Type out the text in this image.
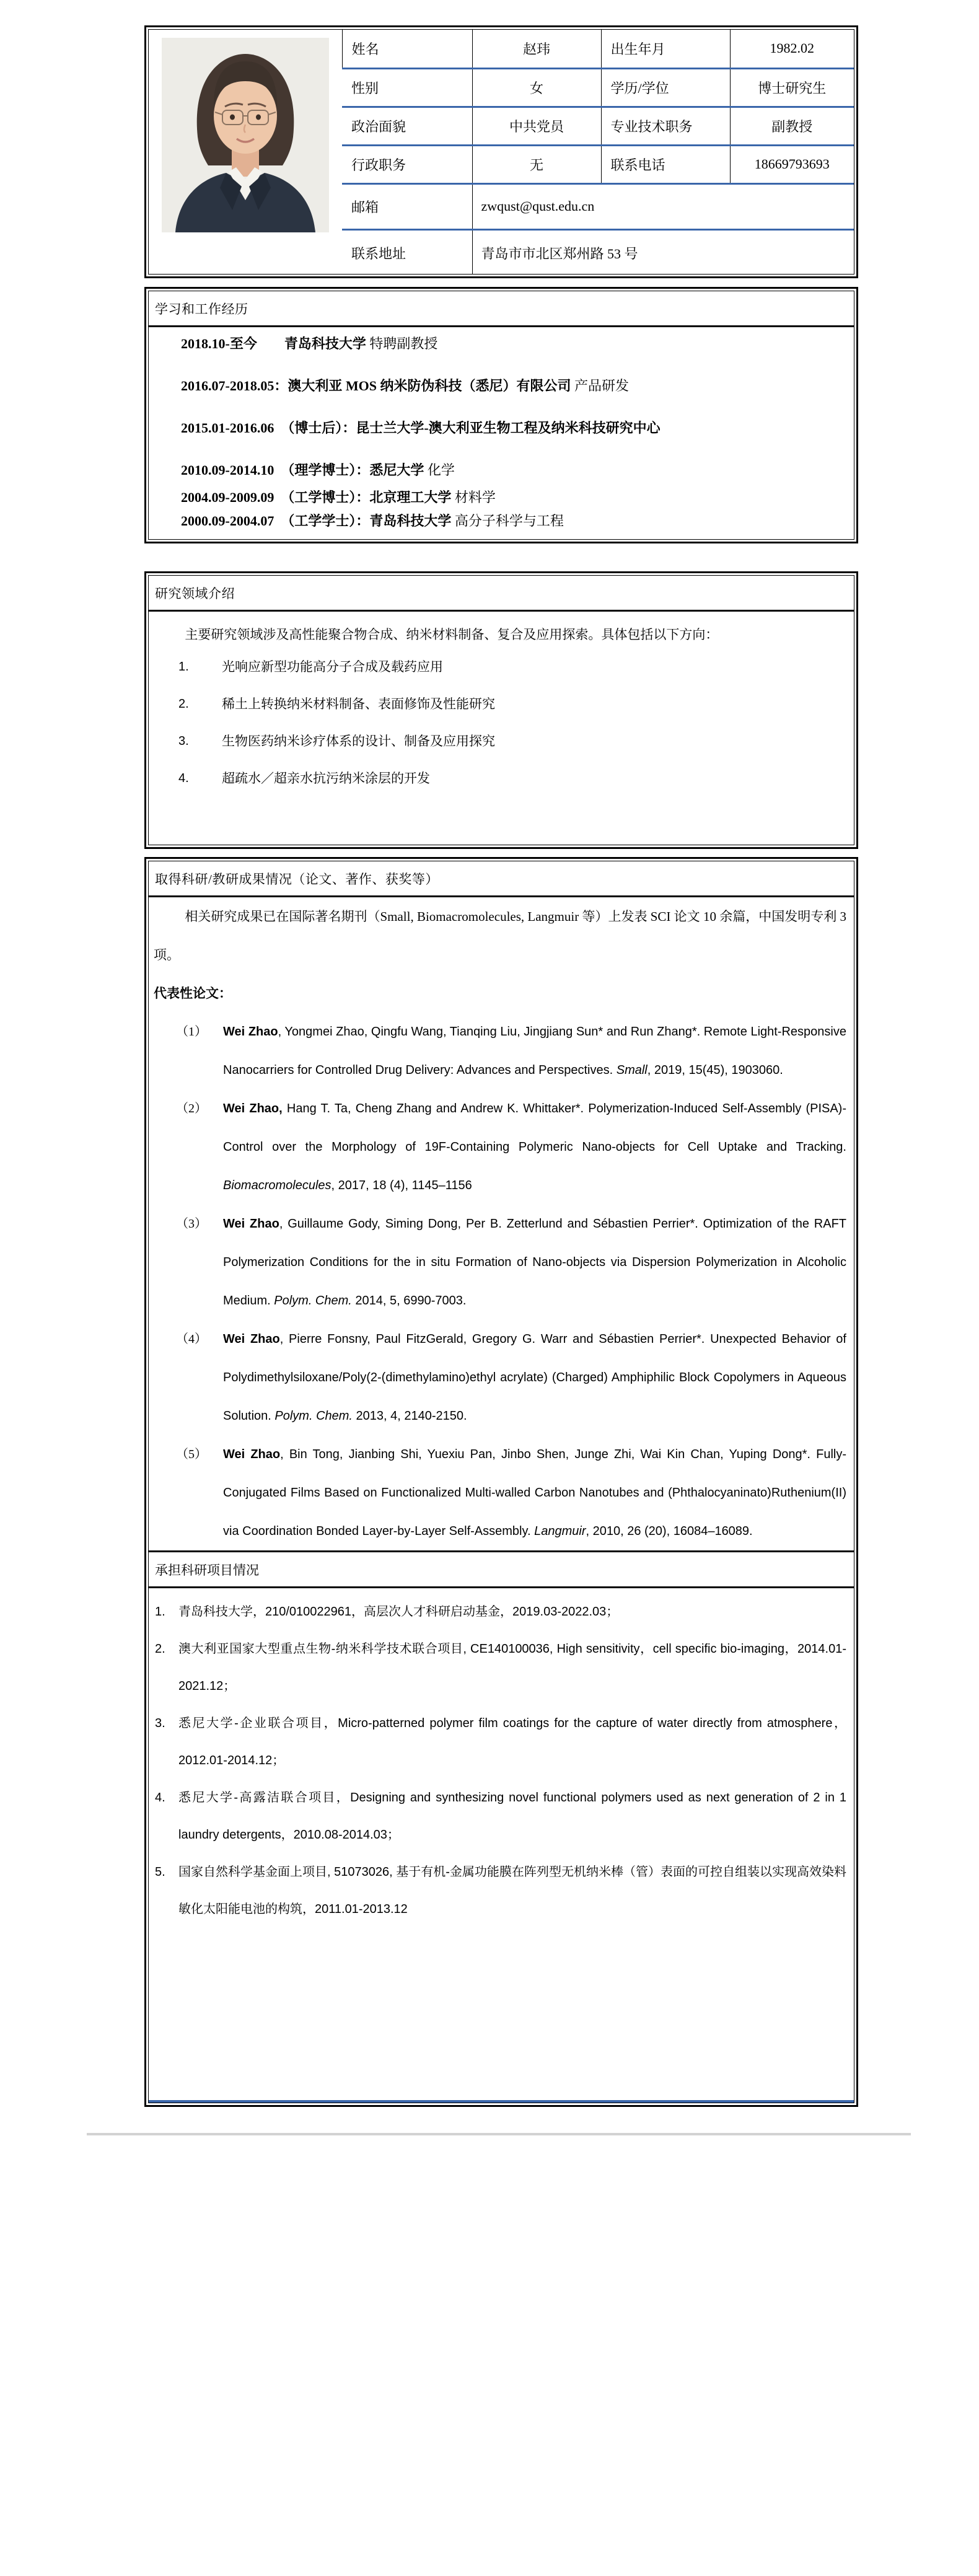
	姓名	赵玮	出生年月	1982.02
	性别	女	学历/学位	博士研究生
	政治面貌	中共党员	专业技术职务	副教授
	行政职务	无	联系电话	18669793693
	邮箱	zwqust@qust.edu.cn		
	联系地址	青岛市市北区郑州路 53 号		
学习和工作经历
2018.10-至今　　青岛科技大学 特聘副教授
2016.07-2018.05：澳大利亚 MOS 纳米防伪科技（悉尼）有限公司 产品研发
2015.01-2016.06　（博士后）：昆士兰大学-澳大利亚生物工程及纳米科技研究中心
2010.09-2014.10　（理学博士）：悉尼大学 化学
2004.09-2009.09　（工学博士）：北京理工大学 材料学
2000.09-2004.07　（工学学士）：青岛科技大学 高分子科学与工程
研究领域介绍

主要研究领域涉及高性能聚合物合成、纳米材料制备、复合及应用探索。具体包括以下方向：

1.	光响应新型功能高分子合成及载药应用
2.	稀土上转换纳米材料制备、表面修饰及性能研究
3.	生物医药纳米诊疗体系的设计、制备及应用探究
4.	超疏水／超亲水抗污纳米涂层的开发
取得科研/教研成果情况（论文、著作、获奖等）

相关研究成果已在国际著名期刊（Small, Biomacromolecules, Langmuir 等）上发表 SCI 论文 10 余篇，中国发明专利 3 项。

代表性论文：

（1）	Wei Zhao, Yongmei Zhao, Qingfu Wang, Tianqing Liu, Jingjiang Sun* and Run Zhang*. Remote Light-Responsive Nanocarriers for Controlled Drug Delivery: Advances and Perspectives. Small, 2019, 15(45), 1903060.
（2）	Wei Zhao, Hang T. Ta, Cheng Zhang and Andrew K. Whittaker*. Polymerization-Induced Self-Assembly (PISA)-Control over the Morphology of 19F-Containing Polymeric Nano-objects for Cell Uptake and Tracking. Biomacromolecules, 2017, 18 (4), 1145–1156
（3）	Wei Zhao, Guillaume Gody, Siming Dong, Per B. Zetterlund and Sébastien Perrier*. Optimization of the RAFT Polymerization Conditions for the in situ Formation of Nano-objects via Dispersion Polymerization in Alcoholic Medium. Polym. Chem. 2014, 5, 6990-7003.
（4）	Wei Zhao, Pierre Fonsny, Paul FitzGerald, Gregory G. Warr and Sébastien Perrier*. Unexpected Behavior of Polydimethylsiloxane/Poly(2-(dimethylamino)ethyl acrylate) (Charged) Amphiphilic Block Copolymers in Aqueous Solution. Polym. Chem. 2013, 4, 2140-2150.
（5）	Wei Zhao, Bin Tong, Jianbing Shi, Yuexiu Pan, Jinbo Shen, Junge Zhi, Wai Kin Chan, Yuping Dong*. Fully-Conjugated Films Based on Functionalized Multi-walled Carbon Nanotubes and (Phthalocyaninato)Ruthenium(II) via Coordination Bonded Layer-by-Layer Self-Assembly. Langmuir, 2010, 26 (20), 16084–16089.
承担科研项目情况
1.	青岛科技大学，210/010022961，高层次人才科研启动基金，2019.03-2022.03；
2.	澳大利亚国家大型重点生物-纳米科学技术联合项目, CE140100036, High sensitivity，cell specific bio-imaging，2014.01-2021.12；
3.	悉尼大学-企业联合项目，Micro-patterned polymer film coatings for the capture of water directly from atmosphere，2012.01-2014.12；
4.	悉尼大学-高露洁联合项目，Designing and synthesizing novel functional polymers used as next generation of 2 in 1 laundry detergents，2010.08-2014.03；
5.	国家自然科学基金面上项目, 51073026, 基于有机-金属功能膜在阵列型无机纳米棒（管）表面的可控自组装以实现高效染料敏化太阳能电池的构筑，2011.01-2013.12
